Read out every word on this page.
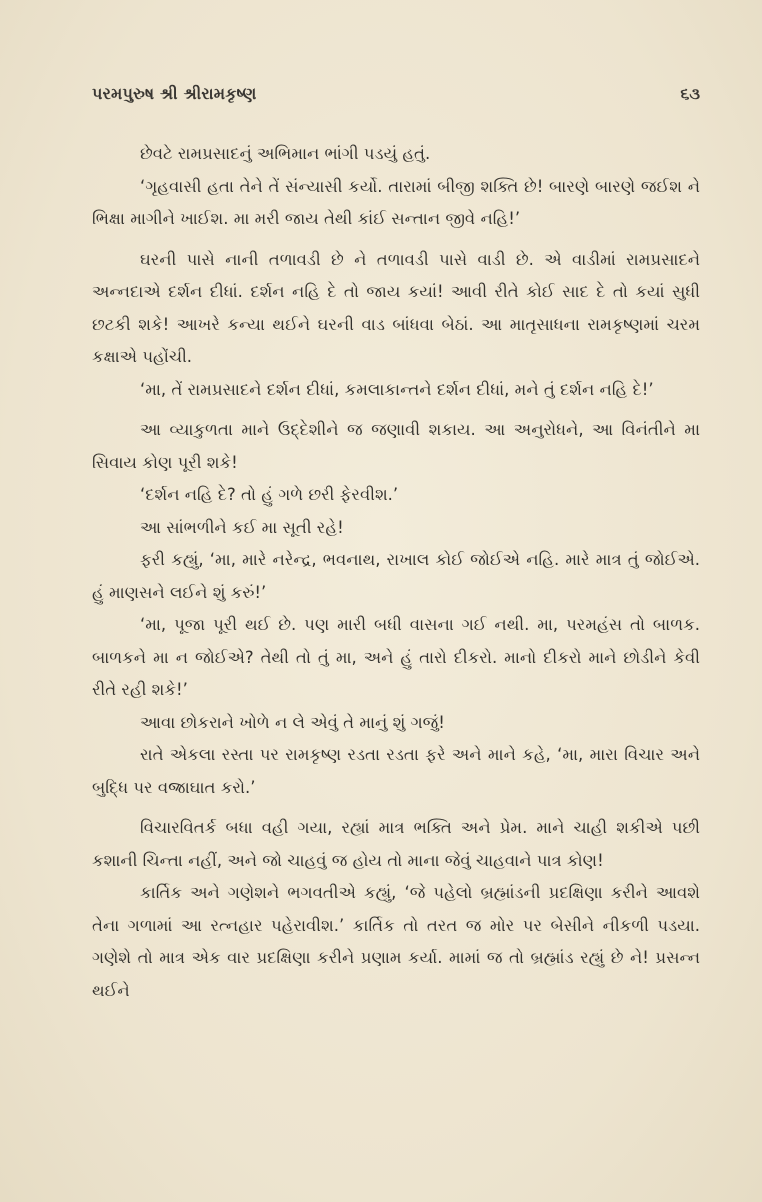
પરમપુરુષ શ્રી શ્રીરામકૃષ્ણ	૬૩

છેવટે રામપ્રસાદનું અભિમાન ભાંગી પડયું હતું.

‘ગૃહવાસી હતા તેને તેં સંન્યાસી કર્યો. તારામાં બીજી શક્તિ છે! બારણે બારણે જઈશ ને ભિક્ષા માગીને ખાઈશ. મા મરી જાય તેથી કાંઈ સન્તાન જીવે નહિ!’

ઘરની પાસે નાની તળાવડી છે ને તળાવડી પાસે વાડી છે. એ વાડીમાં રામપ્રસાદને અન્નદાએ દર્શન દીધાં. દર્શન નહિ દે તો જાય કયાં! આવી રીતે કોઈ સાદ દે તો કયાં સુધી છટકી શકે! આખરે કન્યા થઈને ઘરની વાડ બાંધવા બેઠાં. આ માતૃસાધના રામકૃષ્ણમાં ચરમ કક્ષાએ પહોંચી.

‘મા, તેં રામપ્રસાદને દર્શન દીધાં, કમલાકાન્તને દર્શન દીધાં, મને તું દર્શન નહિ દે!’

આ વ્યાકુળતા માને ઉદ્દેશીને જ જણાવી શકાય. આ અનુરોધને, આ વિનંતીને મા સિવાય કોણ પૂરી શકે!

‘દર્શન નહિ દે? તો હું ગળે છરી ફેરવીશ.’

આ સાંભળીને કઈ મા સૂતી રહે!

ફરી કહ્યું, ‘મા, મારે નરેન્દ્ર, ભવનાથ, રાખાલ કોઈ જોઈએ નહિ. મારે માત્ર તું જોઈએ. હું માણસને લઈને શું કરું!’

‘મા, પૂજા પૂરી થઈ છે. પણ મારી બધી વાસના ગઈ નથી. મા, પરમહંસ તો બાળક. બાળકને મા ન જોઈએ? તેથી તો તું મા, અને હું તારો દીકરો. માનો દીકરો માને છોડીને કેવી રીતે રહી શકે!’

આવા છોકરાને ખોળે ન લે એવું તે માનું શું ગજું!

રાતે એકલા રસ્તા પર રામકૃષ્ણ રડતા રડતા ફરે અને માને કહે, ‘મા, મારા વિચાર અને બુદ્ધિ પર વજ્રાઘાત કરો.’

વિચારવિતર્ક બધા વહી ગયા, રહ્યાં માત્ર ભક્તિ અને પ્રેમ. માને ચાહી શકીએ પછી કશાની ચિન્તા નહીં, અને જો ચાહવું જ હોય તો માના જેવું ચાહવાને પાત્ર કોણ!

કાર્તિક અને ગણેશને ભગવતીએ કહ્યું, ‘જે પહેલો બ્રહ્માંડની પ્રદક્ષિણા કરીને આવશે તેના ગળામાં આ રત્નહાર પહેરાવીશ.’ કાર્તિક તો તરત જ મોર પર બેસીને નીકળી પડયા. ગણેશે તો માત્ર એક વાર પ્રદક્ષિણા કરીને પ્રણામ કર્યા. મામાં જ તો બ્રહ્માંડ રહ્યું છે ને! પ્રસન્ન થઈને
